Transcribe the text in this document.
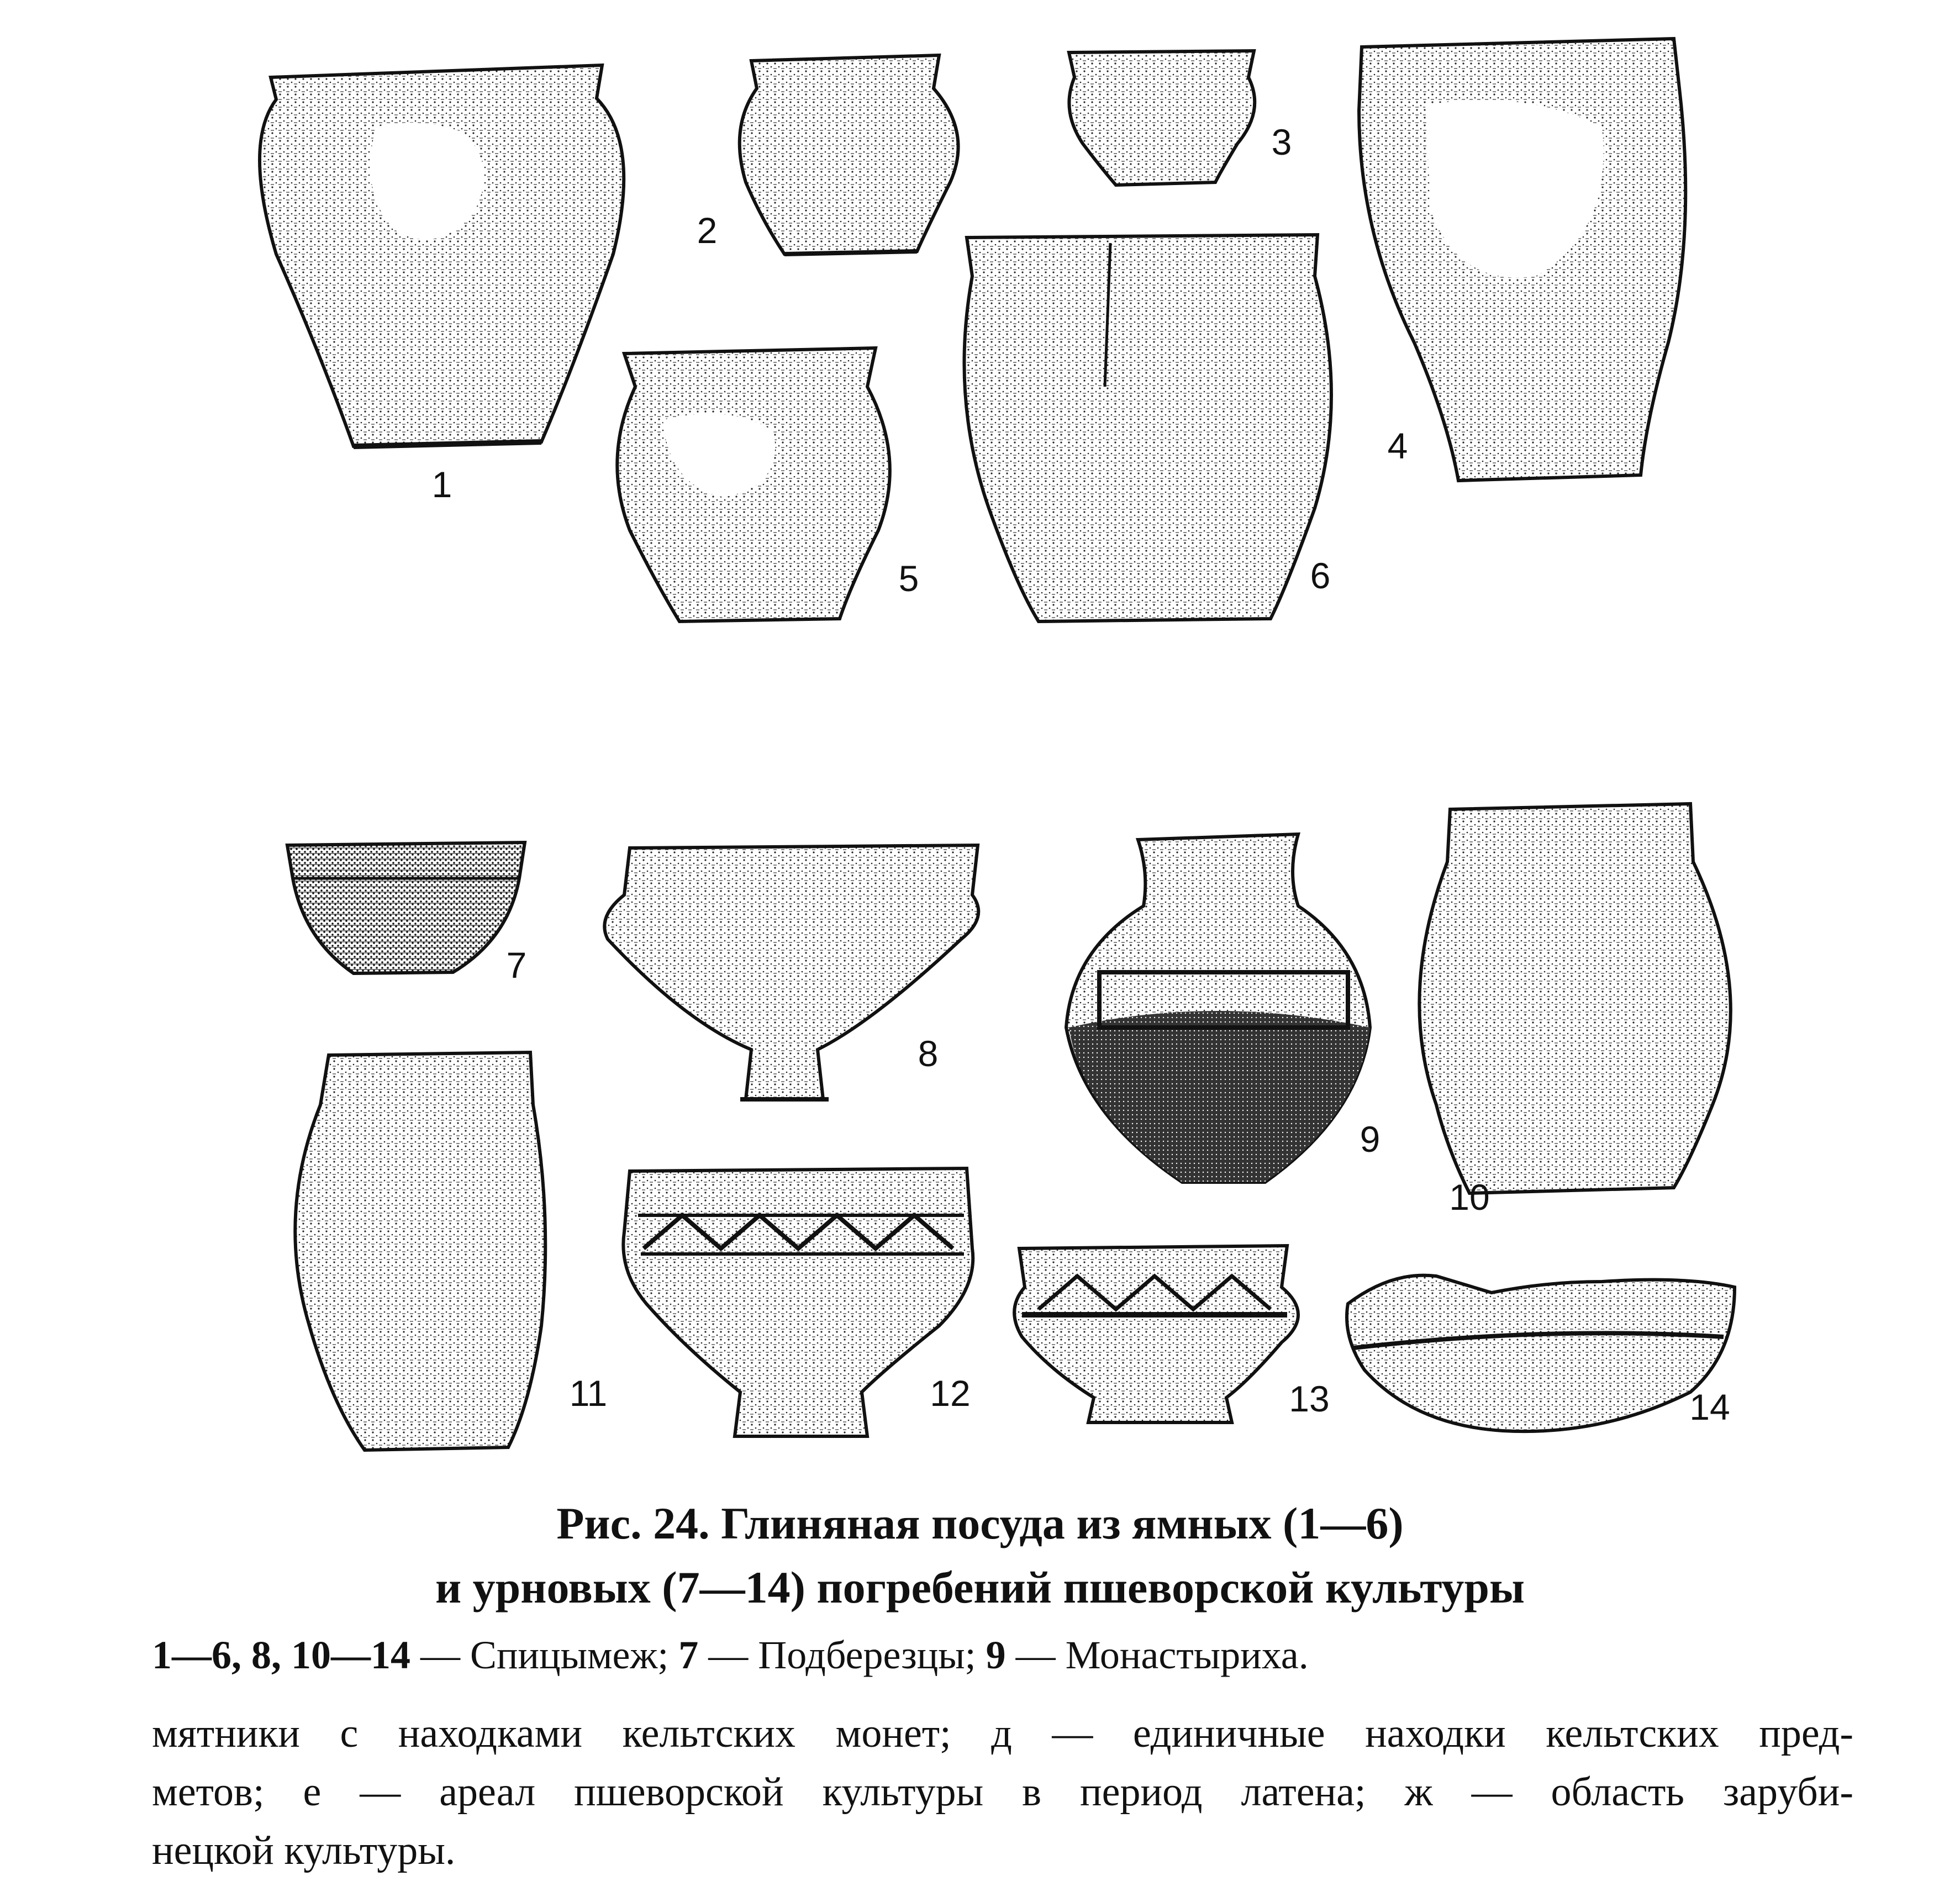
1
2
3
4
5	6
7
8
9
10
11	12	13	14
Рис. 24. Глиняная посуда из ямных (1—6)
и урновых (7—14) погребений пшеворской культуры
1—6, 8, 10—14 — Спицымеж; 7 — Подберезцы; 9 — Монастыриха.
мятники с находками кельтских монет; д — единичные находки кельтских пред-
метов; е — ареал пшеворской культуры в период латена; ж — область заруби-
нецкой культуры.
